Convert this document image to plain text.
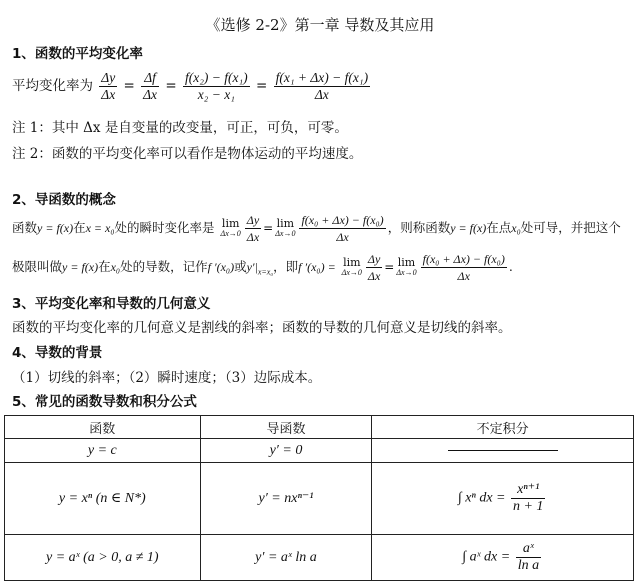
《选修 2-2》第一章 导数及其应用
1、函数的平均变化率
平均变化率为 $\frac{\Delta y}{\Delta x} = \frac{\Delta f}{\Delta x} = \frac{\text{f(x₂) − f(x₁)}}{\text{x₂ − x₁}} = \frac{\text{f(x₁ + Δx) − f(x₁)}}{\Delta x}$
注 1：其中 Δx 是自变量的改变量，可正，可负，可零。
注 2：函数的平均变化率可以看作是物体运动的平均速度。
2、导函数的概念
函数y = f(x)在x = x₀处的瞬时变化率是 lim
$\Delta x\to 0 \frac{\Delta y}{\Delta x} = \lim$
$\Delta x\to 0 \frac{\text{f(x₀ + Δx) − f(x₀)}}{\Delta x}$ ，则称函数y = f(x)在点x₀处可导，并把这个
极限叫做y = f(x)在x₀处的导数，记作f ′(x₀)或$y'|_{x=x_0}$，即f ′(x₀) = lim
$\Delta x\to 0 \frac{\Delta y}{\Delta x} = \lim$
$\Delta x\to 0 \frac{\text{f(x₀ + Δx) − f(x₀)}}{\Delta x}$ .
3、平均变化率和导数的几何意义
函数的平均变化率的几何意义是割线的斜率；函数的导数的几何意义是切线的斜率。
4、导数的背景
（1）切线的斜率；（2）瞬时速度；（3）边际成本。
5、常见的函数导数和积分公式
函数	导函数	不定积分
y = c	y′ = 0	
y = xⁿ (n ∈ N*)	y′ = nxⁿ⁻¹	∫ xⁿ dx = $\frac{\text{xⁿ⁺¹}}{n + 1}$

y = aˣ (a > 0, a ≠ 1)	y′ = aˣ ln a	∫ aˣ dx = $\frac{\text{aˣ}}{\text{ln a}}$
